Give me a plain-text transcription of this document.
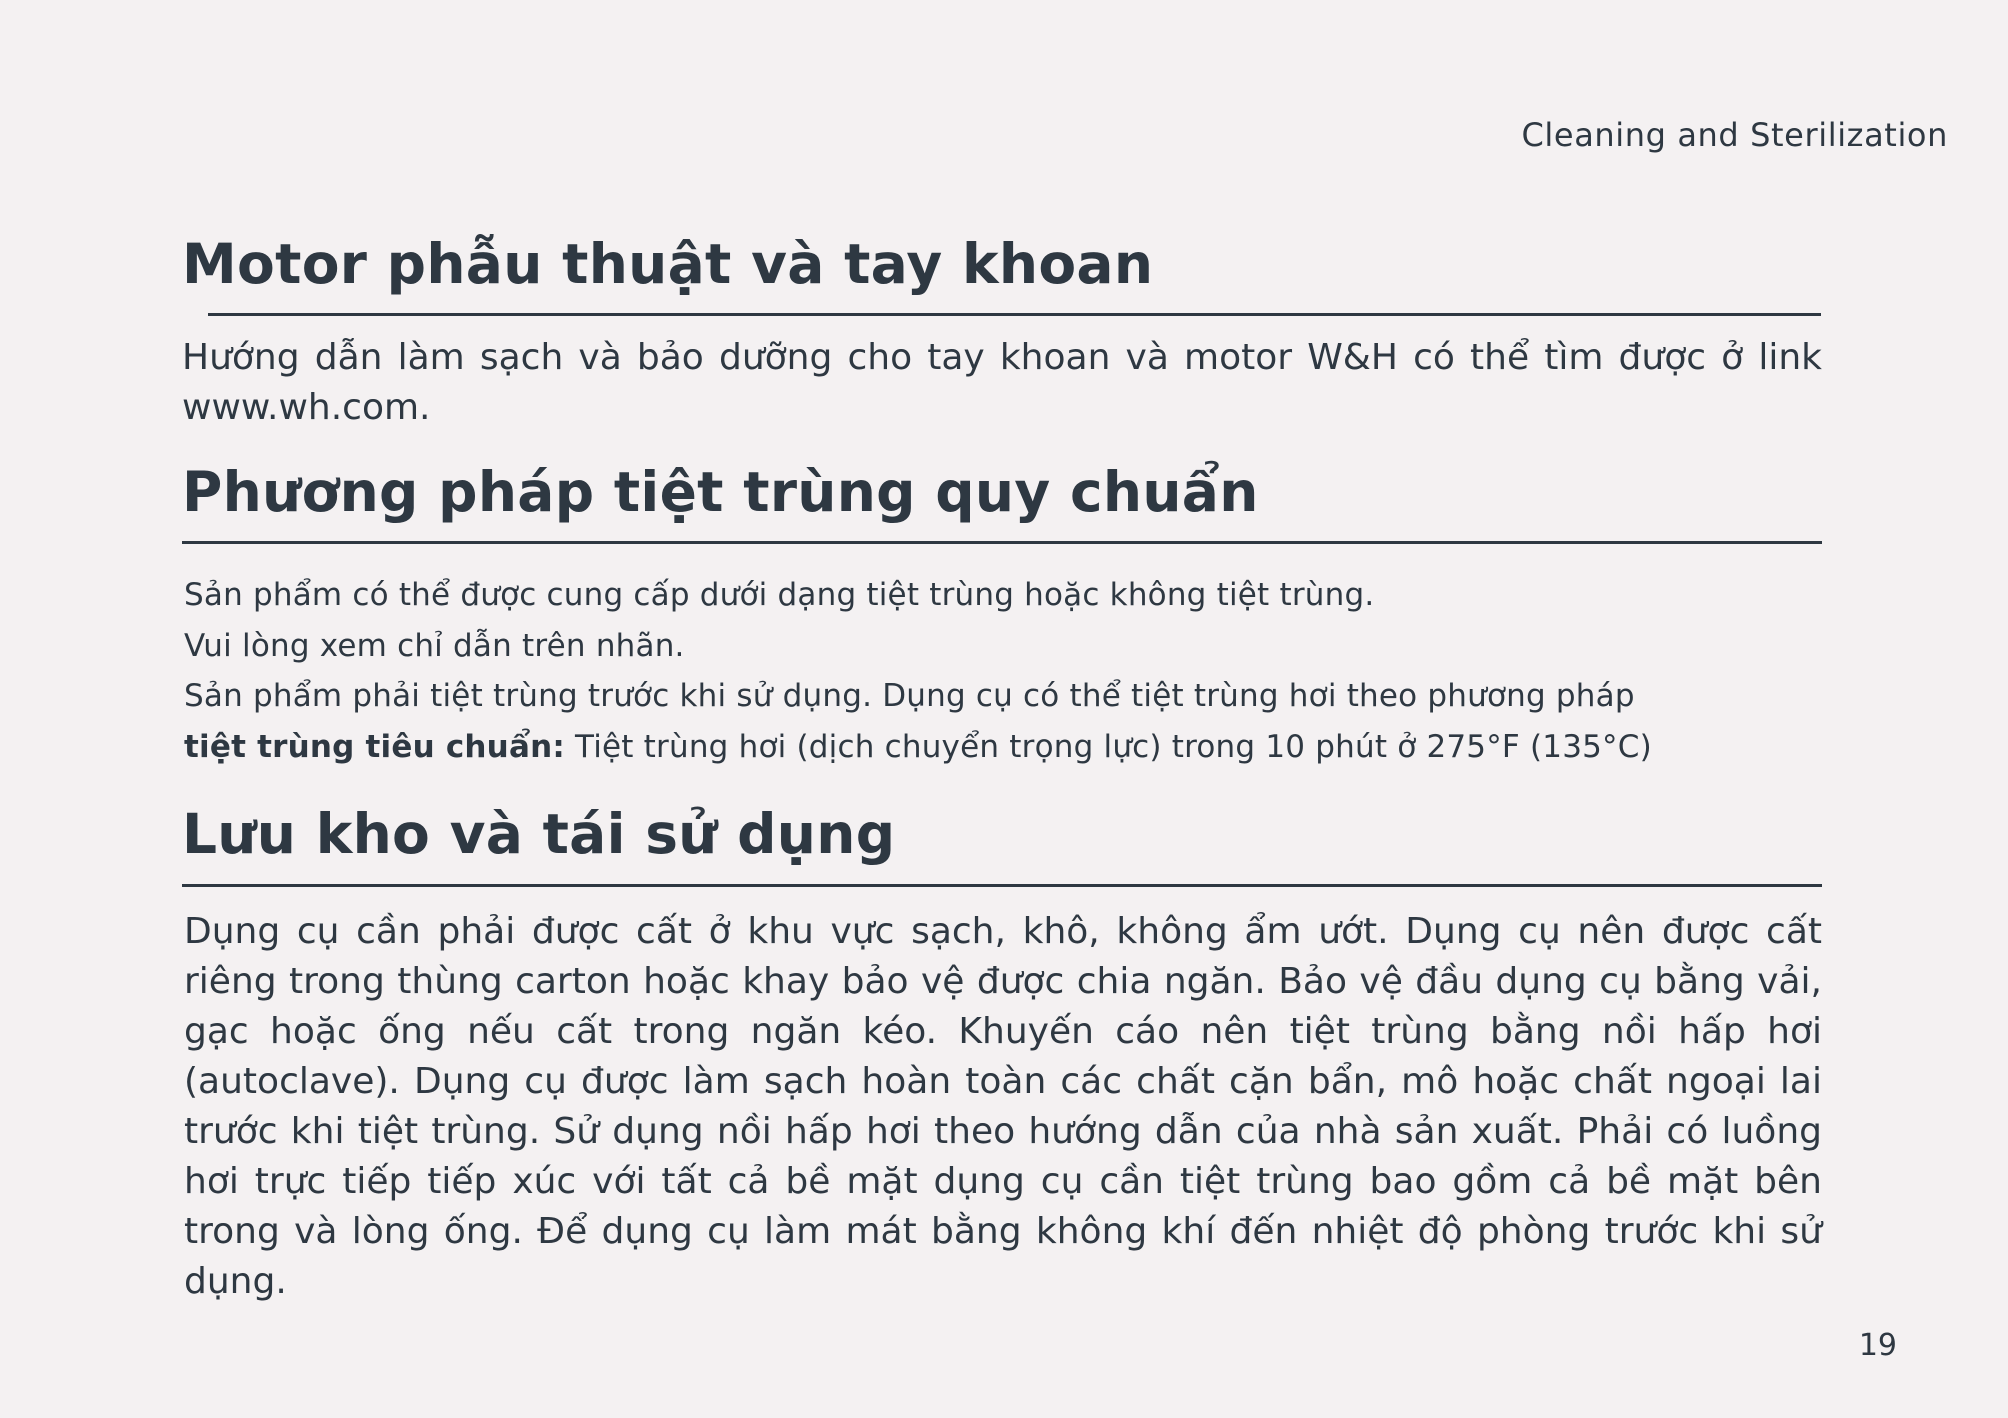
Cleaning and Sterilization
Motor phẫu thuật và tay khoan

Hướng dẫn làm sạch và bảo dưỡng cho tay khoan và motor W&H có thể tìm được ở link www.wh.com.

Phương pháp tiệt trùng quy chuẩn
Sản phẩm có thể được cung cấp dưới dạng tiệt trùng hoặc không tiệt trùng.
Vui lòng xem chỉ dẫn trên nhãn.
Sản phẩm phải tiệt trùng trước khi sử dụng. Dụng cụ có thể tiệt trùng hơi theo phương pháp
tiệt trùng tiêu chuẩn: Tiệt trùng hơi (dịch chuyển trọng lực) trong 10 phút ở 275°F (135°C)
Lưu kho và tái sử dụng

Dụng cụ cần phải được cất ở khu vực sạch, khô, không ẩm ướt. Dụng cụ nên được cất riêng trong thùng carton hoặc khay bảo vệ được chia ngăn. Bảo vệ đầu dụng cụ bằng vải, gạc hoặc ống nếu cất trong ngăn kéo. Khuyến cáo nên tiệt trùng bằng nồi hấp hơi (autoclave). Dụng cụ được làm sạch hoàn toàn các chất cặn bẩn, mô hoặc chất ngoại lai trước khi tiệt trùng. Sử dụng nồi hấp hơi theo hướng dẫn của nhà sản xuất. Phải có luồng hơi trực tiếp tiếp xúc với tất cả bề mặt dụng cụ cần tiệt trùng bao gồm cả bề mặt bên trong và lòng ống. Để dụng cụ làm mát bằng không khí đến nhiệt độ phòng trước khi sử dụng.

19
